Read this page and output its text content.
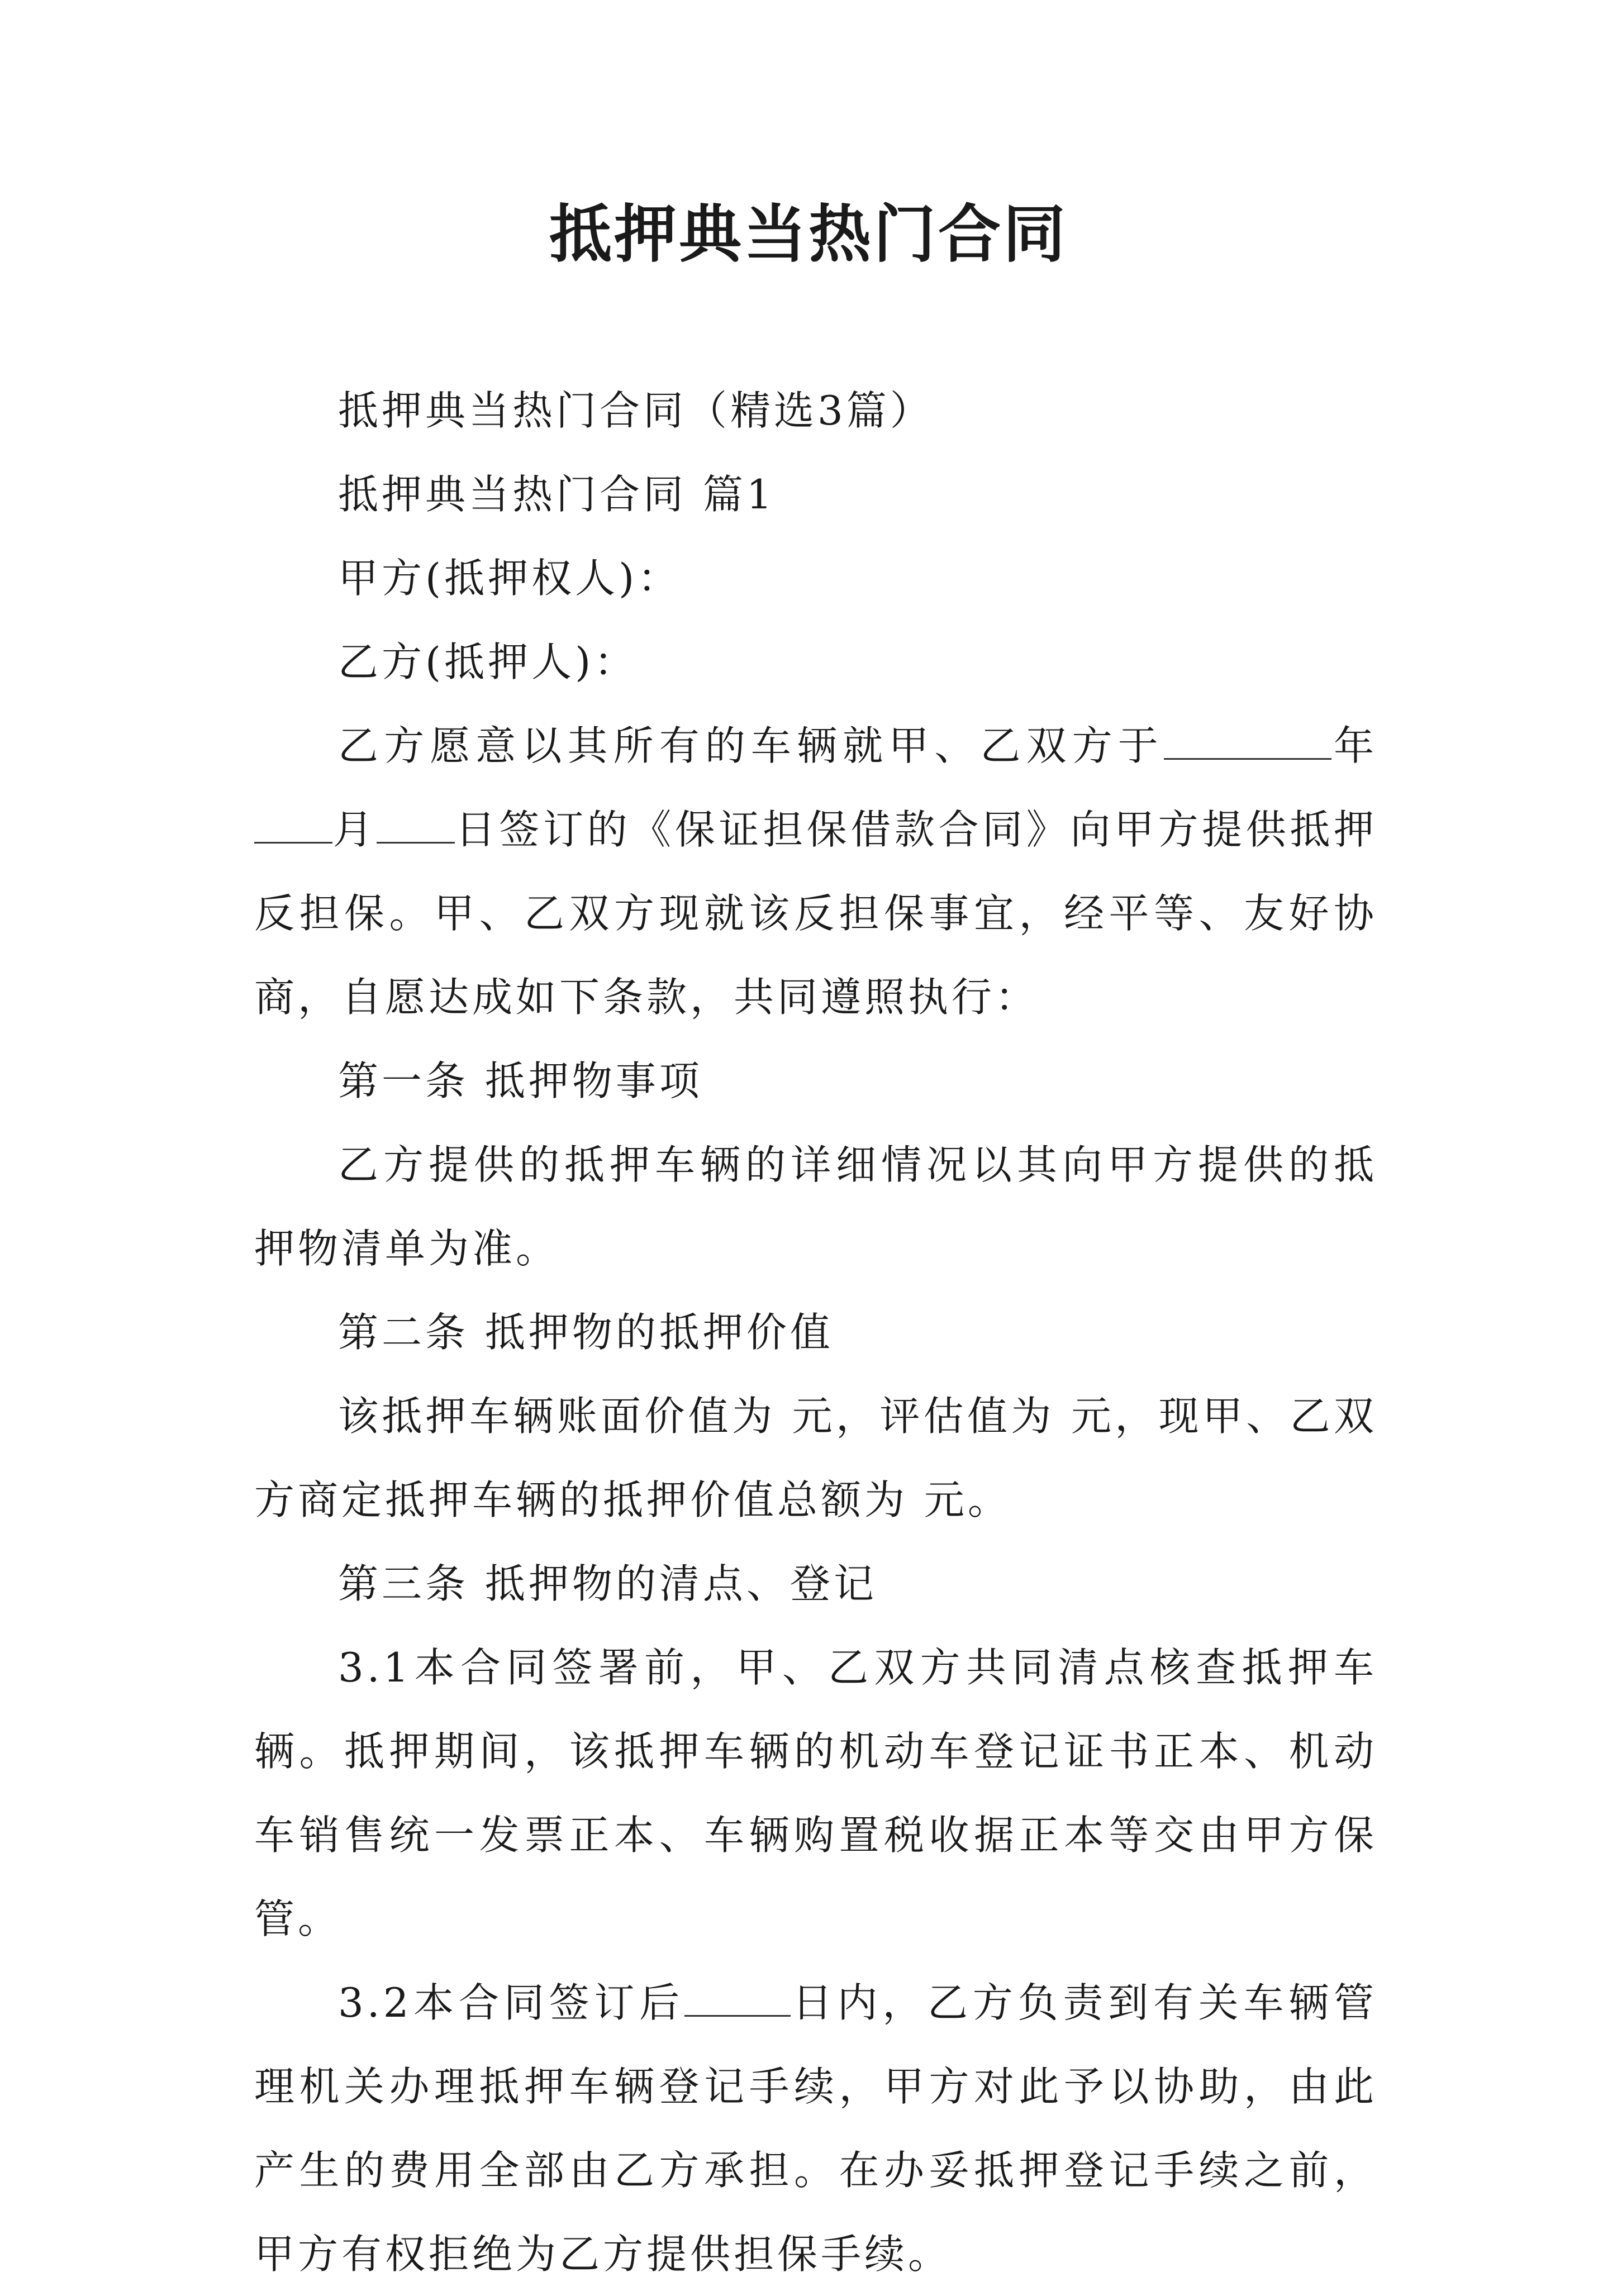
抵押典当热门合同

抵押典当热门合同（精选3篇）

抵押典当热门合同 篇1

甲方(抵押权人)：

乙方(抵押人)：

乙方愿意以其所有的车辆就甲、乙双方于	年月 日签订的《保证担保借款合同》向甲方提供抵押反担保。甲、乙双方现就该反担保事宜，经平等、友好协商，自愿达成如下条款，共同遵照执行：

第一条 抵押物事项

乙方提供的抵押车辆的详细情况以其向甲方提供的抵押物清单为准。

第二条 抵押物的抵押价值

该抵押车辆账面价值为 元，评估值为 元，现甲、乙双方商定抵押车辆的抵押价值总额为 元。

第三条 抵押物的清点、登记

3.1本合同签署前，甲、乙双方共同清点核查抵押车辆。抵押期间，该抵押车辆的机动车登记证书正本、机动车销售统一发票正本、车辆购置税收据正本等交由甲方保管。

3.2本合同签订后	日内，乙方负责到有关车辆管理机关办理抵押车辆登记手续，甲方对此予以协助，由此产生的费用全部由乙方承担。在办妥抵押登记手续之前，甲方有权拒绝为乙方提供担保手续。
